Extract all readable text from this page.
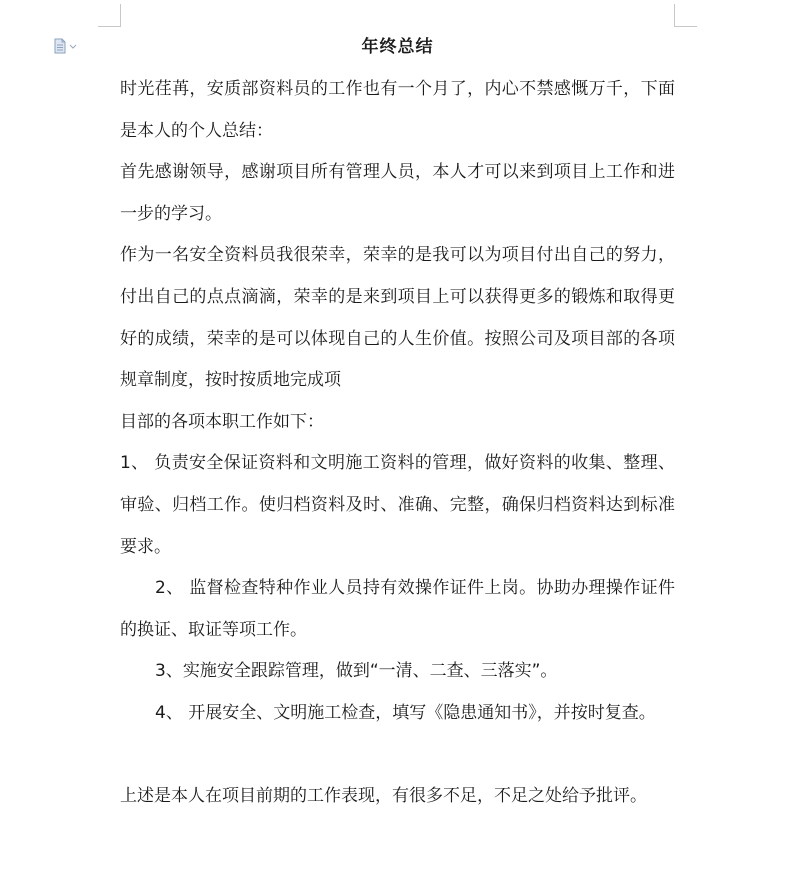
年终总结

时光荏苒，安质部资料员的工作也有一个月了，内心不禁感慨万千，下面是本人的个人总结：

首先感谢领导，感谢项目所有管理人员，本人才可以来到项目上工作和进一步的学习。

作为一名安全资料员我很荣幸，荣幸的是我可以为项目付出自己的努力，付出自己的点点滴滴，荣幸的是来到项目上可以获得更多的锻炼和取得更好的成绩，荣幸的是可以体现自己的人生价值。按照公司及项目部的各项规章制度，按时按质地完成项

目部的各项本职工作如下：

1、 负责安全保证资料和文明施工资料的管理，做好资料的收集、整理、审验、归档工作。使归档资料及时、准确、完整，确保归档资料达到标准要求。

2、 监督检查特种作业人员持有效操作证件上岗。协助办理操作证件的换证、取证等项工作。

3、实施安全跟踪管理，做到“一清、二查、三落实”。

4、 开展安全、文明施工检查，填写《隐患通知书》，并按时复查。

上述是本人在项目前期的工作表现，有很多不足，不足之处给予批评。
